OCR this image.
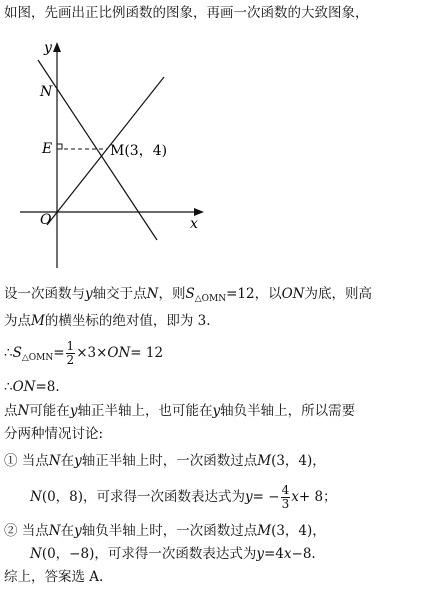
如图，先画出正比例函数的图象，再画一次函数的大致图象，
y
x
N
E
O
M(3，4)
设一次函数与y轴交于点N，则$S_{\triangle OMN}=12$，以ON为底，则高
为点M的横坐标的绝对值，即为 3.
$\therefore S_{\triangle OMN}= \frac{1}{2} \times 3\times ON= 12$
∴ON=8.
点N可能在y轴正半轴上，也可能在y轴负半轴上，所以需要
分两种情况讨论:
① 当点N在y轴正半轴上时，一次函数过点M(3，4)，
N(0，8)，可求得一次函数表达式为$y= - \frac{4}{3} x+ 8$；
② 当点N在y轴负半轴上时，一次函数过点M(3，4)，
N(0，−8)，可求得一次函数表达式为y=4x−8.
综上，答案选 A.
